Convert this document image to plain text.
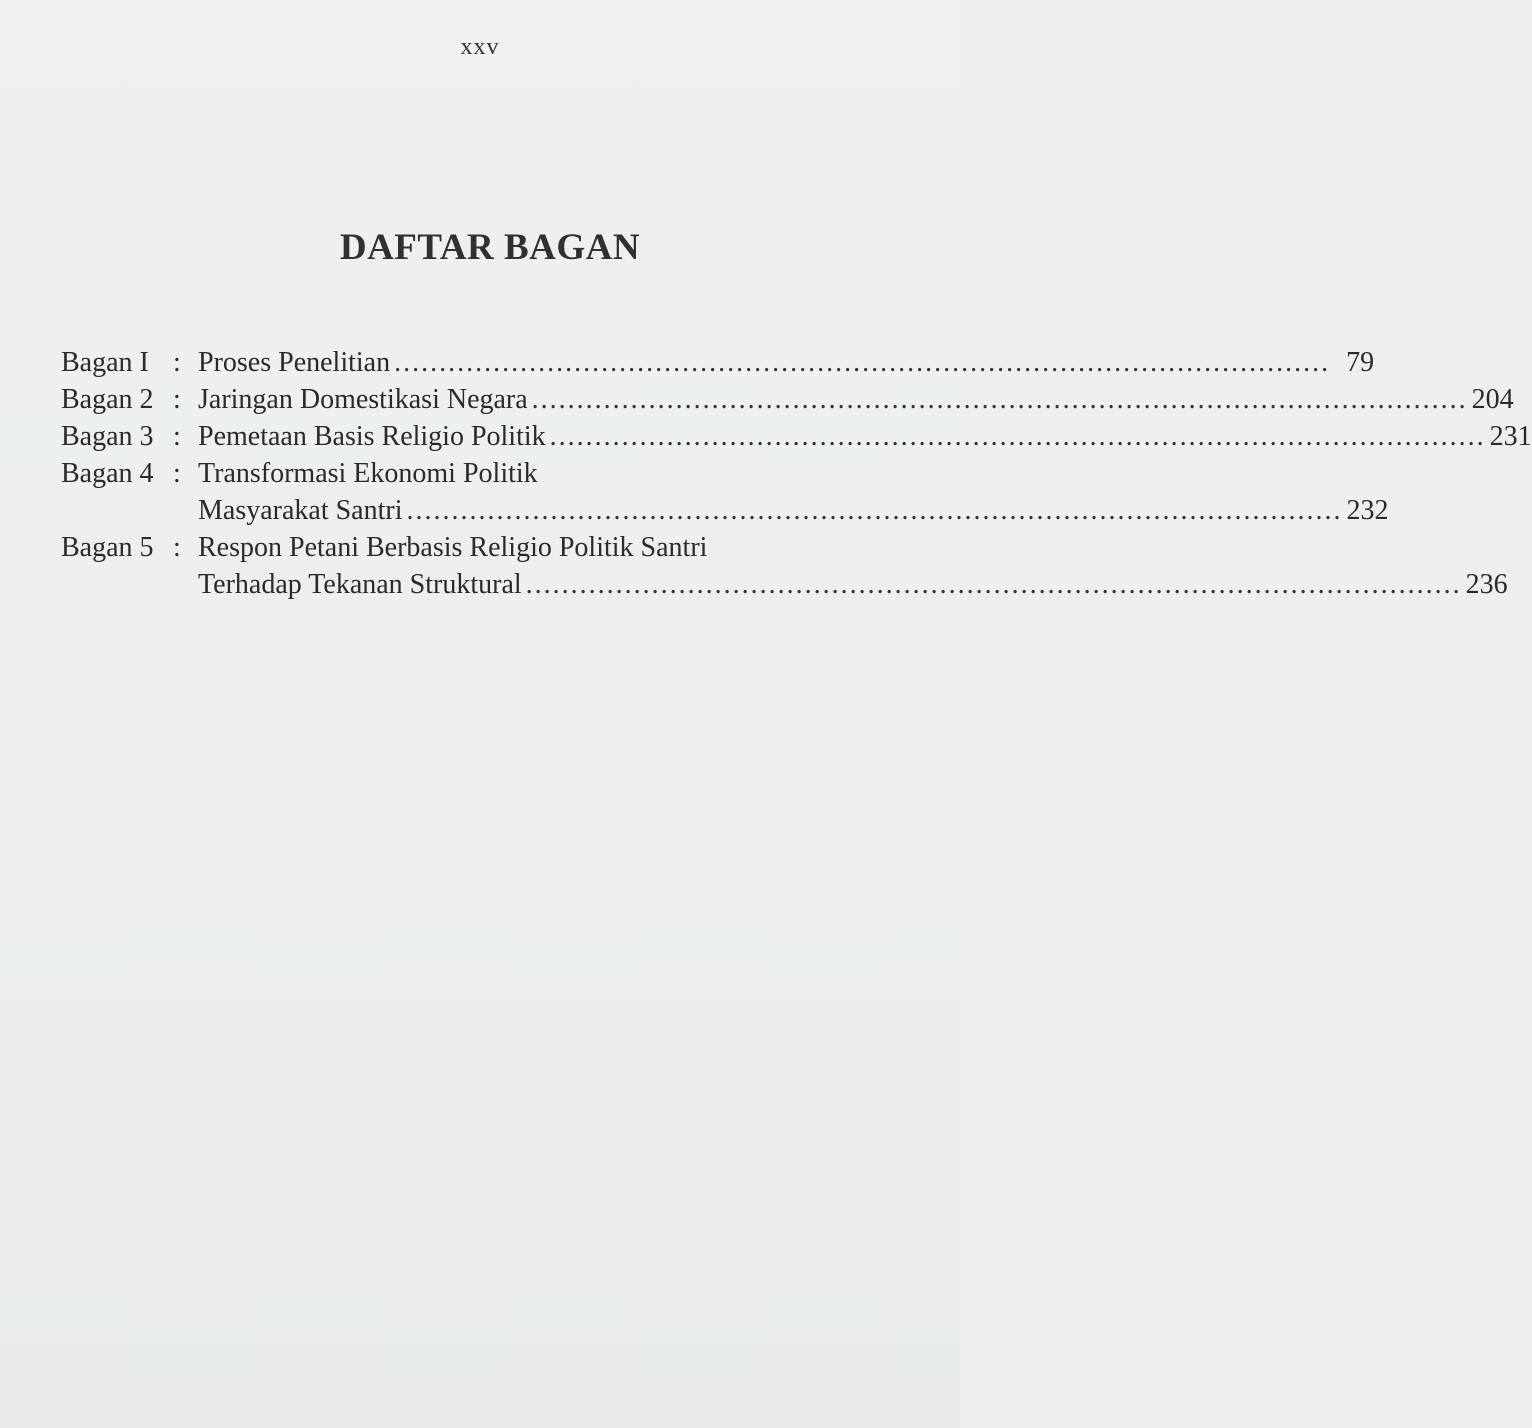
xxv
DAFTAR BAGAN
Bagan I : Proses Penelitian ........................................................................................................ 79
Bagan 2 : Jaringan Domestikasi Negara ........................................................................................................ 204
Bagan 3 : Pemetaan Basis Religio Politik ........................................................................................................ 231
Bagan 4 : Transformasi Ekonomi Politik
Masyarakat Santri ........................................................................................................ 232
Bagan 5 : Respon Petani Berbasis Religio Politik Santri
Terhadap Tekanan Struktural ........................................................................................................ 236
